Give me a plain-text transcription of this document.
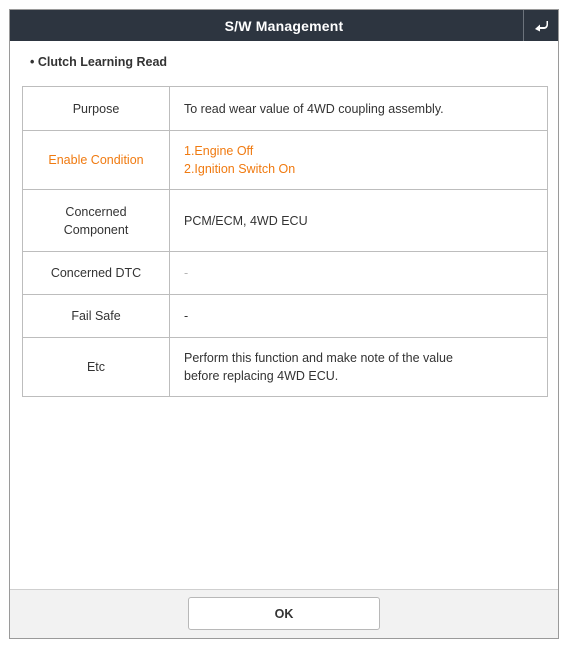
S/W Management
• Clutch Learning Read
Purpose	To read wear value of 4WD coupling assembly.

Enable Condition	1.Engine Off
2.Ignition Switch On

Concerned
Component	PCM/ECM, 4WD ECU

Concerned DTC	-

Fail Safe	-

Etc	Perform this function and make note of the value
before replacing 4WD ECU.
OK
